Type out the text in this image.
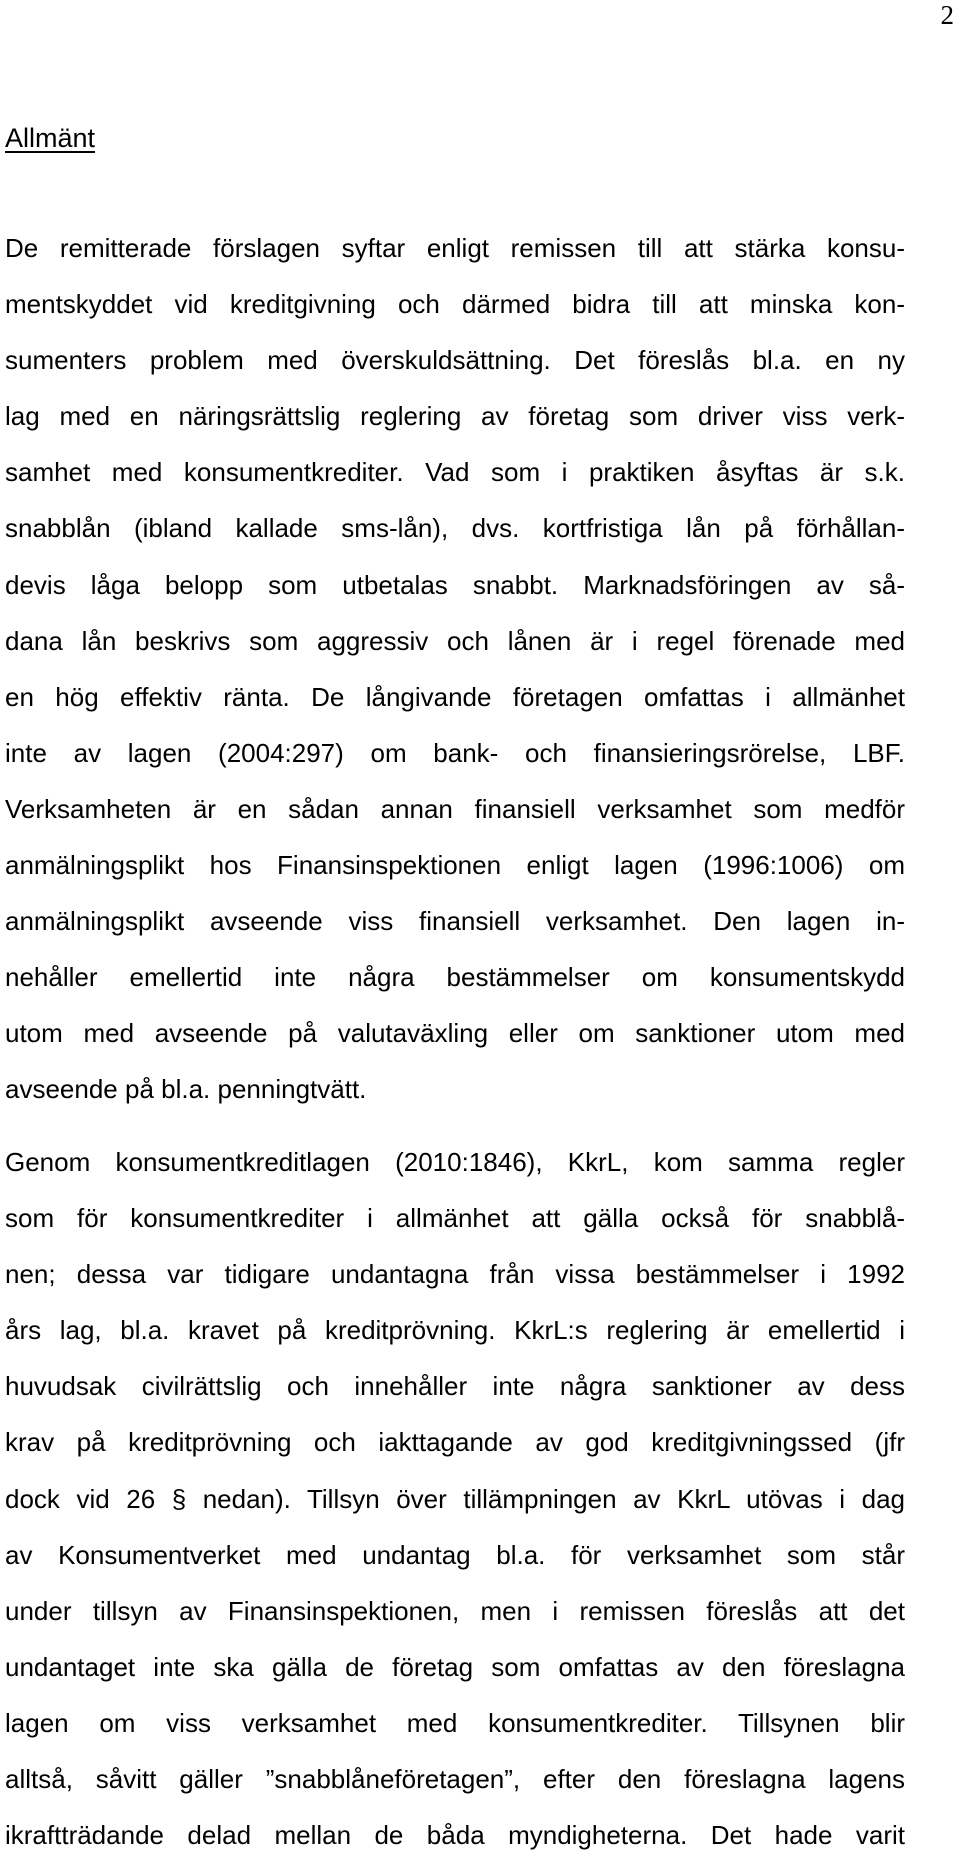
2
Allmänt
De remitterade förslagen syftar enligt remissen till att stärka konsu-
mentskyddet vid kreditgivning och därmed bidra till att minska kon-
sumenters problem med överskuldsättning. Det föreslås bl.a. en ny
lag med en näringsrättslig reglering av företag som driver viss verk-
samhet med konsumentkrediter. Vad som i praktiken åsyftas är s.k.
snabblån (ibland kallade sms-lån), dvs. kortfristiga lån på förhållan-
devis låga belopp som utbetalas snabbt. Marknadsföringen av så-
dana lån beskrivs som aggressiv och lånen är i regel förenade med
en hög effektiv ränta. De långivande företagen omfattas i allmänhet
inte av lagen (2004:297) om bank- och finansieringsrörelse, LBF.
Verksamheten är en sådan annan finansiell verksamhet som medför
anmälningsplikt hos Finansinspektionen enligt lagen (1996:1006) om
anmälningsplikt avseende viss finansiell verksamhet. Den lagen in-
nehåller emellertid inte några bestämmelser om konsumentskydd
utom med avseende på valutaväxling eller om sanktioner utom med
avseende på bl.a. penningtvätt.
Genom konsumentkreditlagen (2010:1846), KkrL, kom samma regler
som för konsumentkrediter i allmänhet att gälla också för snabblå-
nen; dessa var tidigare undantagna från vissa bestämmelser i 1992
års lag, bl.a. kravet på kreditprövning. KkrL:s reglering är emellertid i
huvudsak civilrättslig och innehåller inte några sanktioner av dess
krav på kreditprövning och iakttagande av god kreditgivningssed (jfr
dock vid 26 § nedan). Tillsyn över tillämpningen av KkrL utövas i dag
av Konsumentverket med undantag bl.a. för verksamhet som står
under tillsyn av Finansinspektionen, men i remissen föreslås att det
undantaget inte ska gälla de företag som omfattas av den föreslagna
lagen om viss verksamhet med konsumentkrediter. Tillsynen blir
alltså, såvitt gäller ”snabblåneföretagen”, efter den föreslagna lagens
ikraftträdande delad mellan de båda myndigheterna. Det hade varit
